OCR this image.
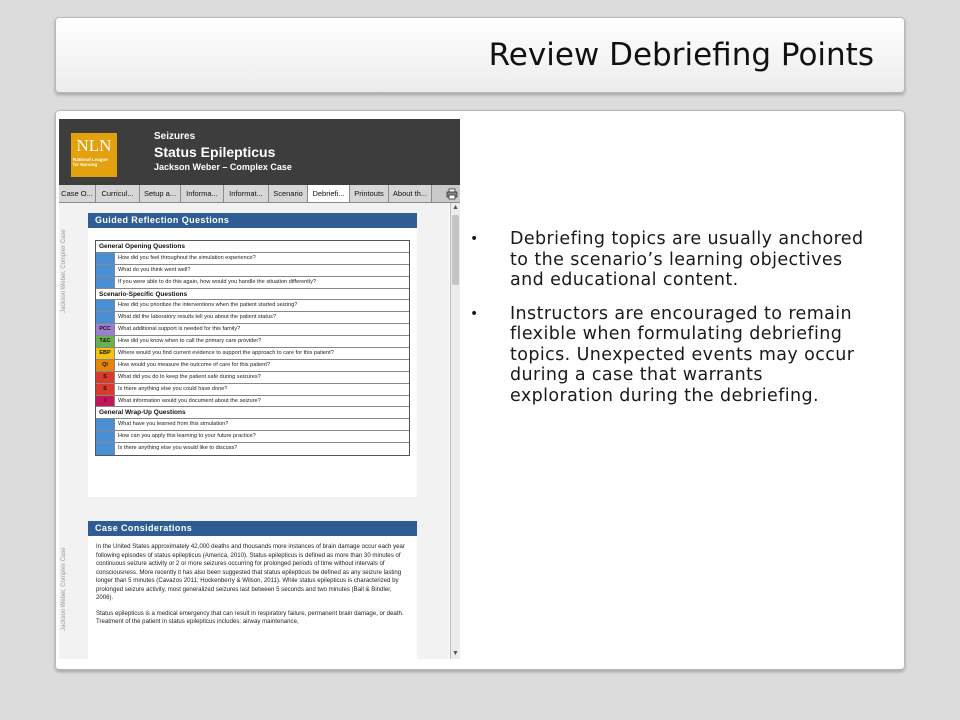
Review Debriefing Points
NLN
National League
for Nursing
Seizures
Status Epilepticus
Jackson Weber – Complex Case
Case O...	Curricul...	Setup a...	Informa...	Informat...	Scenario	Debriefi...	Printouts	About th...
Jackson Weber, Complex Case
Jackson Weber, Complex Case
Guided Reflection Questions
General Opening Questions
How did you feel throughout the simulation experience?
What do you think went well?
If you were able to do this again, how would you handle the situation differently?
Scenario-Specific Questions
How did you prioritize the interventions when the patient started seizing?
What did the laboratory results tell you about the patient status?
PCC	What additional support is needed for this family?
T&C	How did you know when to call the primary care provider?
EBP	Where would you find current evidence to support the approach to care for this patient?
QI	How would you measure the outcome of care for this patient?
S	What did you do to keep the patient safe during seizures?
S	Is there anything else you could have done?
I	What information would you document about the seizure?
General Wrap-Up Questions
What have you learned from this simulation?
How can you apply this learning to your future practice?
Is there anything else you would like to discuss?
Case Considerations

In the United States approximately 42,000 deaths and thousands more instances of brain damage occur each year following episodes of status epilepticus (America, 2010). Status epilepticus is defined as more than 30 minutes of continuous seizure activity or 2 or more seizures occurring for prolonged periods of time without intervals of consciousness. More recently it has also been suggested that status epilepticus be defined as any seizure lasting longer than 5 minutes (Cavazos 2011; Hockenberry & Wilson, 2011). While status epilepticus is characterized by prolonged seizure activity, most generalized seizures last between 5 seconds and two minutes (Ball & Bindler, 2006).

Status epilepticus is a medical emergency that can result in respiratory failure, permanent brain damage, or death. Treatment of the patient in status epilepticus includes: airway maintenance,

▲
▼
• Debriefing topics are usually anchored to the scenario’s learning objectives and educational content.
• Instructors are encouraged to remain flexible when formulating debriefing topics. Unexpected events may occur during a case that warrants exploration during the debriefing.
